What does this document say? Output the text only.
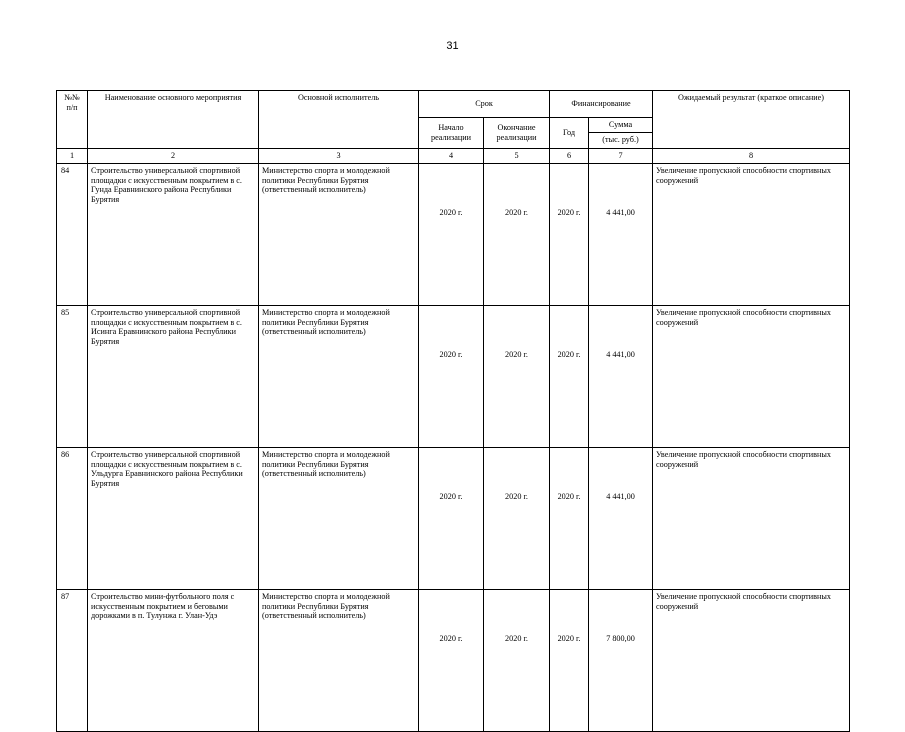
31
№№ п/п	Наименование основного мероприятия	Основной исполнитель	Срок		Финансирование		Ожидаемый результат (краткое описание)
			Начало реализации	Окончание реализации	Год	Сумма	
						(тыс. руб.)	
1	2	3	4	5	6	7	8
84	Строительство универсальной спортивной площадки с искусственным покрытием в с. Гунда Еравнинского района Республики Бурятия	Министерство спорта и молодежной политики Республики Бурятия (ответственный исполнитель)	2020 г.	2020 г.	2020 г.	4 441,00	Увеличение пропускной способности спортивных сооружений
85	Строительство универсальной спортивной площадки с искусственным покрытием в с. Исинга Еравнинского района Республики Бурятия	Министерство спорта и молодежной политики Республики Бурятия (ответственный исполнитель)	2020 г.	2020 г.	2020 г.	4 441,00	Увеличение пропускной способности спортивных сооружений
86	Строительство универсальной спортивной площадки с искусственным покрытием в с. Ульдурга Еравнинского района Республики Бурятия	Министерство спорта и молодежной политики Республики Бурятия (ответственный исполнитель)	2020 г.	2020 г.	2020 г.	4 441,00	Увеличение пропускной способности спортивных сооружений
87	Строительство мини-футбольного поля с искусственным покрытием и беговыми дорожками в п. Тулунжа г. Улан-Удэ	Министерство спорта и молодежной политики Республики Бурятия (ответственный исполнитель)	2020 г.	2020 г.	2020 г.	7 800,00	Увеличение пропускной способности спортивных сооружений
